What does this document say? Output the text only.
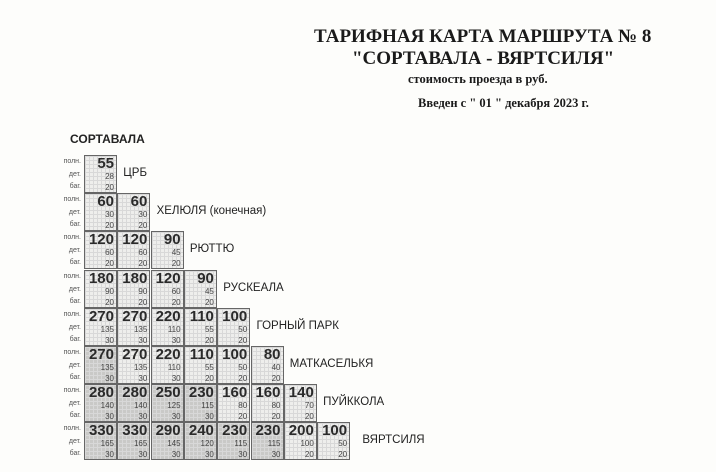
ТАРИФНАЯ КАРТА МАРШРУТА № 8
"СОРТАВАЛА - ВЯРТСИЛЯ"
стоимость проезда в руб.
Введен с " 01 " декабря 2023 г.
СОРТАВАЛА
полн.
дет.
баг.
55
28
20
ЦРБ
полн.
дет.
баг.
60
30
20
60
30
20
ХЕЛЮЛЯ (конечная)
полн.
дет.
баг.
120
60
20
120
60
20
90
45
20
РЮТТЮ
полн.
дет.
баг.
180
90
20
180
90
20
120
60
20
90
45
20
РУСКЕАЛА
полн.
дет.
баг.
270
135
30
270
135
30
220
110
30
110
55
20
100
50
20
ГОРНЫЙ ПАРК
полн.
дет.
баг.
270
135
30
270
135
30
220
110
30
110
55
20
100
50
20
80
40
20
МАТКАСЕЛЬКЯ
полн.
дет.
баг.
280
140
30
280
140
30
250
125
30
230
115
30
160
80
20
160
80
20
140
70
20
ПУЙККОЛА
полн.
дет.
баг.
330
165
30
330
165
30
290
145
30
240
120
30
230
115
30
230
115
30
200
100
20
100
50
20
ВЯРТСИЛЯ
